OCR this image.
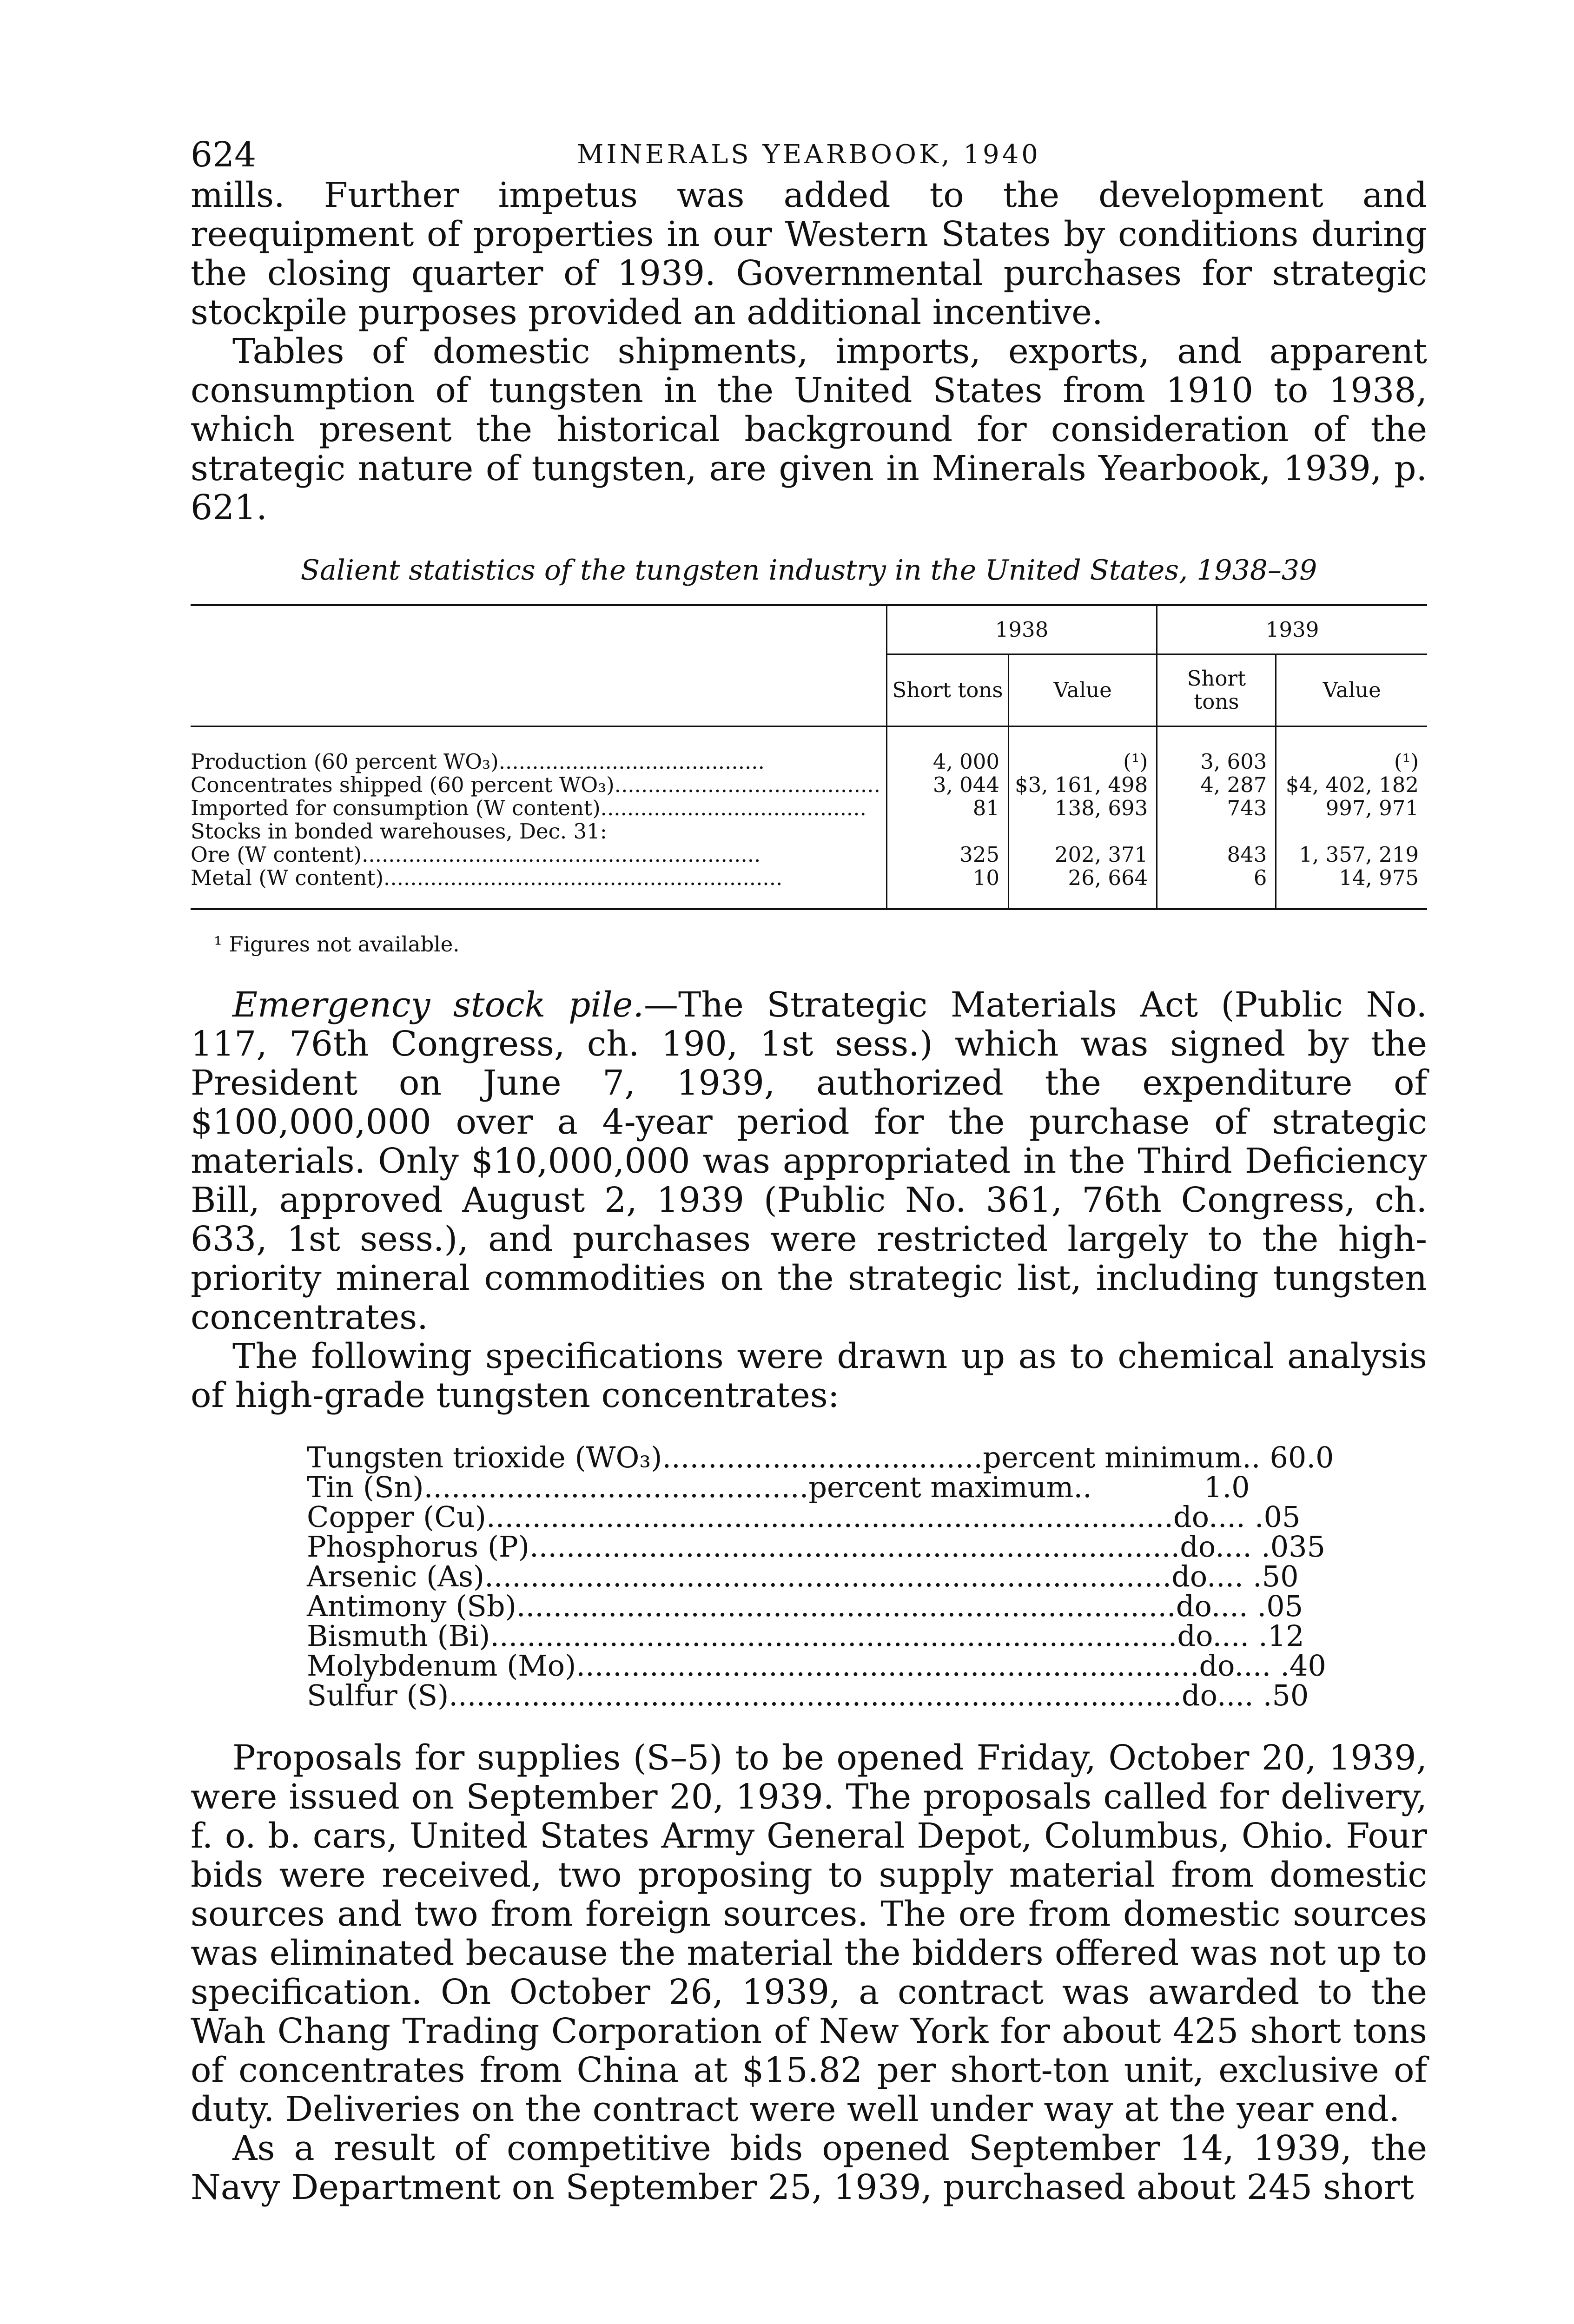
624	MINERALS YEARBOOK, 1940

mills. Further impetus was added to the development and reequipment of properties in our Western States by conditions during the closing quarter of 1939. Governmental purchases for strategic stockpile purposes provided an additional incentive.

Tables of domestic shipments, imports, exports, and apparent consumption of tungsten in the United States from 1910 to 1938, which present the historical background for consideration of the strategic nature of tungsten, are given in Minerals Yearbook, 1939, p. 621.

Salient statistics of the tungsten industry in the United States, 1938–39
	1938		1939	
	Short tons	Value	Short tons	Value
Production (60 percent WO₃)........................................	4, 000	(¹)	3, 603	(¹)
Concentrates shipped (60 percent WO₃)........................................	3, 044	$3, 161, 498	4, 287	$4, 402, 182
Imported for consumption (W content)........................................	81	138, 693	743	997, 971
Stocks in bonded warehouses, Dec. 31:				
Ore (W content)............................................................	325	202, 371	843	1, 357, 219
Metal (W content)............................................................	10	26, 664	6	14, 975
¹ Figures not available.

Emergency stock pile.—The Strategic Materials Act (Public No. 117, 76th Congress, ch. 190, 1st sess.) which was signed by the President on June 7, 1939, authorized the expenditure of $100,000,000 over a 4-year period for the purchase of strategic materials. Only $10,000,000 was appropriated in the Third Deficiency Bill, approved August 2, 1939 (Public No. 361, 76th Congress, ch. 633, 1st sess.), and purchases were restricted largely to the high-priority mineral commodities on the strategic list, including tungsten concentrates.

The following specifications were drawn up as to chemical analysis of high-grade tungsten concentrates:

Tungsten trioxide (WO₃)...................................percent minimum.. 60.0
Tin (Sn)..........................................percent maximum..	1.0
Copper (Cu)...........................................................................do.... .05
Phosphorus (P).......................................................................do.... .035
Arsenic (As)...........................................................................do.... .50
Antimony (Sb)........................................................................do.... .05
Bismuth (Bi)...........................................................................do.... .12
Molybdenum (Mo)....................................................................do.... .40
Sulfur (S)................................................................................do.... .50

Proposals for supplies (S–5) to be opened Friday, October 20, 1939, were issued on September 20, 1939. The proposals called for delivery, f. o. b. cars, United States Army General Depot, Columbus, Ohio. Four bids were received, two proposing to supply material from domestic sources and two from foreign sources. The ore from domestic sources was eliminated because the material the bidders offered was not up to specification. On October 26, 1939, a contract was awarded to the Wah Chang Trading Corporation of New York for about 425 short tons of concentrates from China at $15.82 per short-ton unit, exclusive of duty. Deliveries on the contract were well under way at the year end.

As a result of competitive bids opened September 14, 1939, the Navy Department on September 25, 1939, purchased about 245 short
